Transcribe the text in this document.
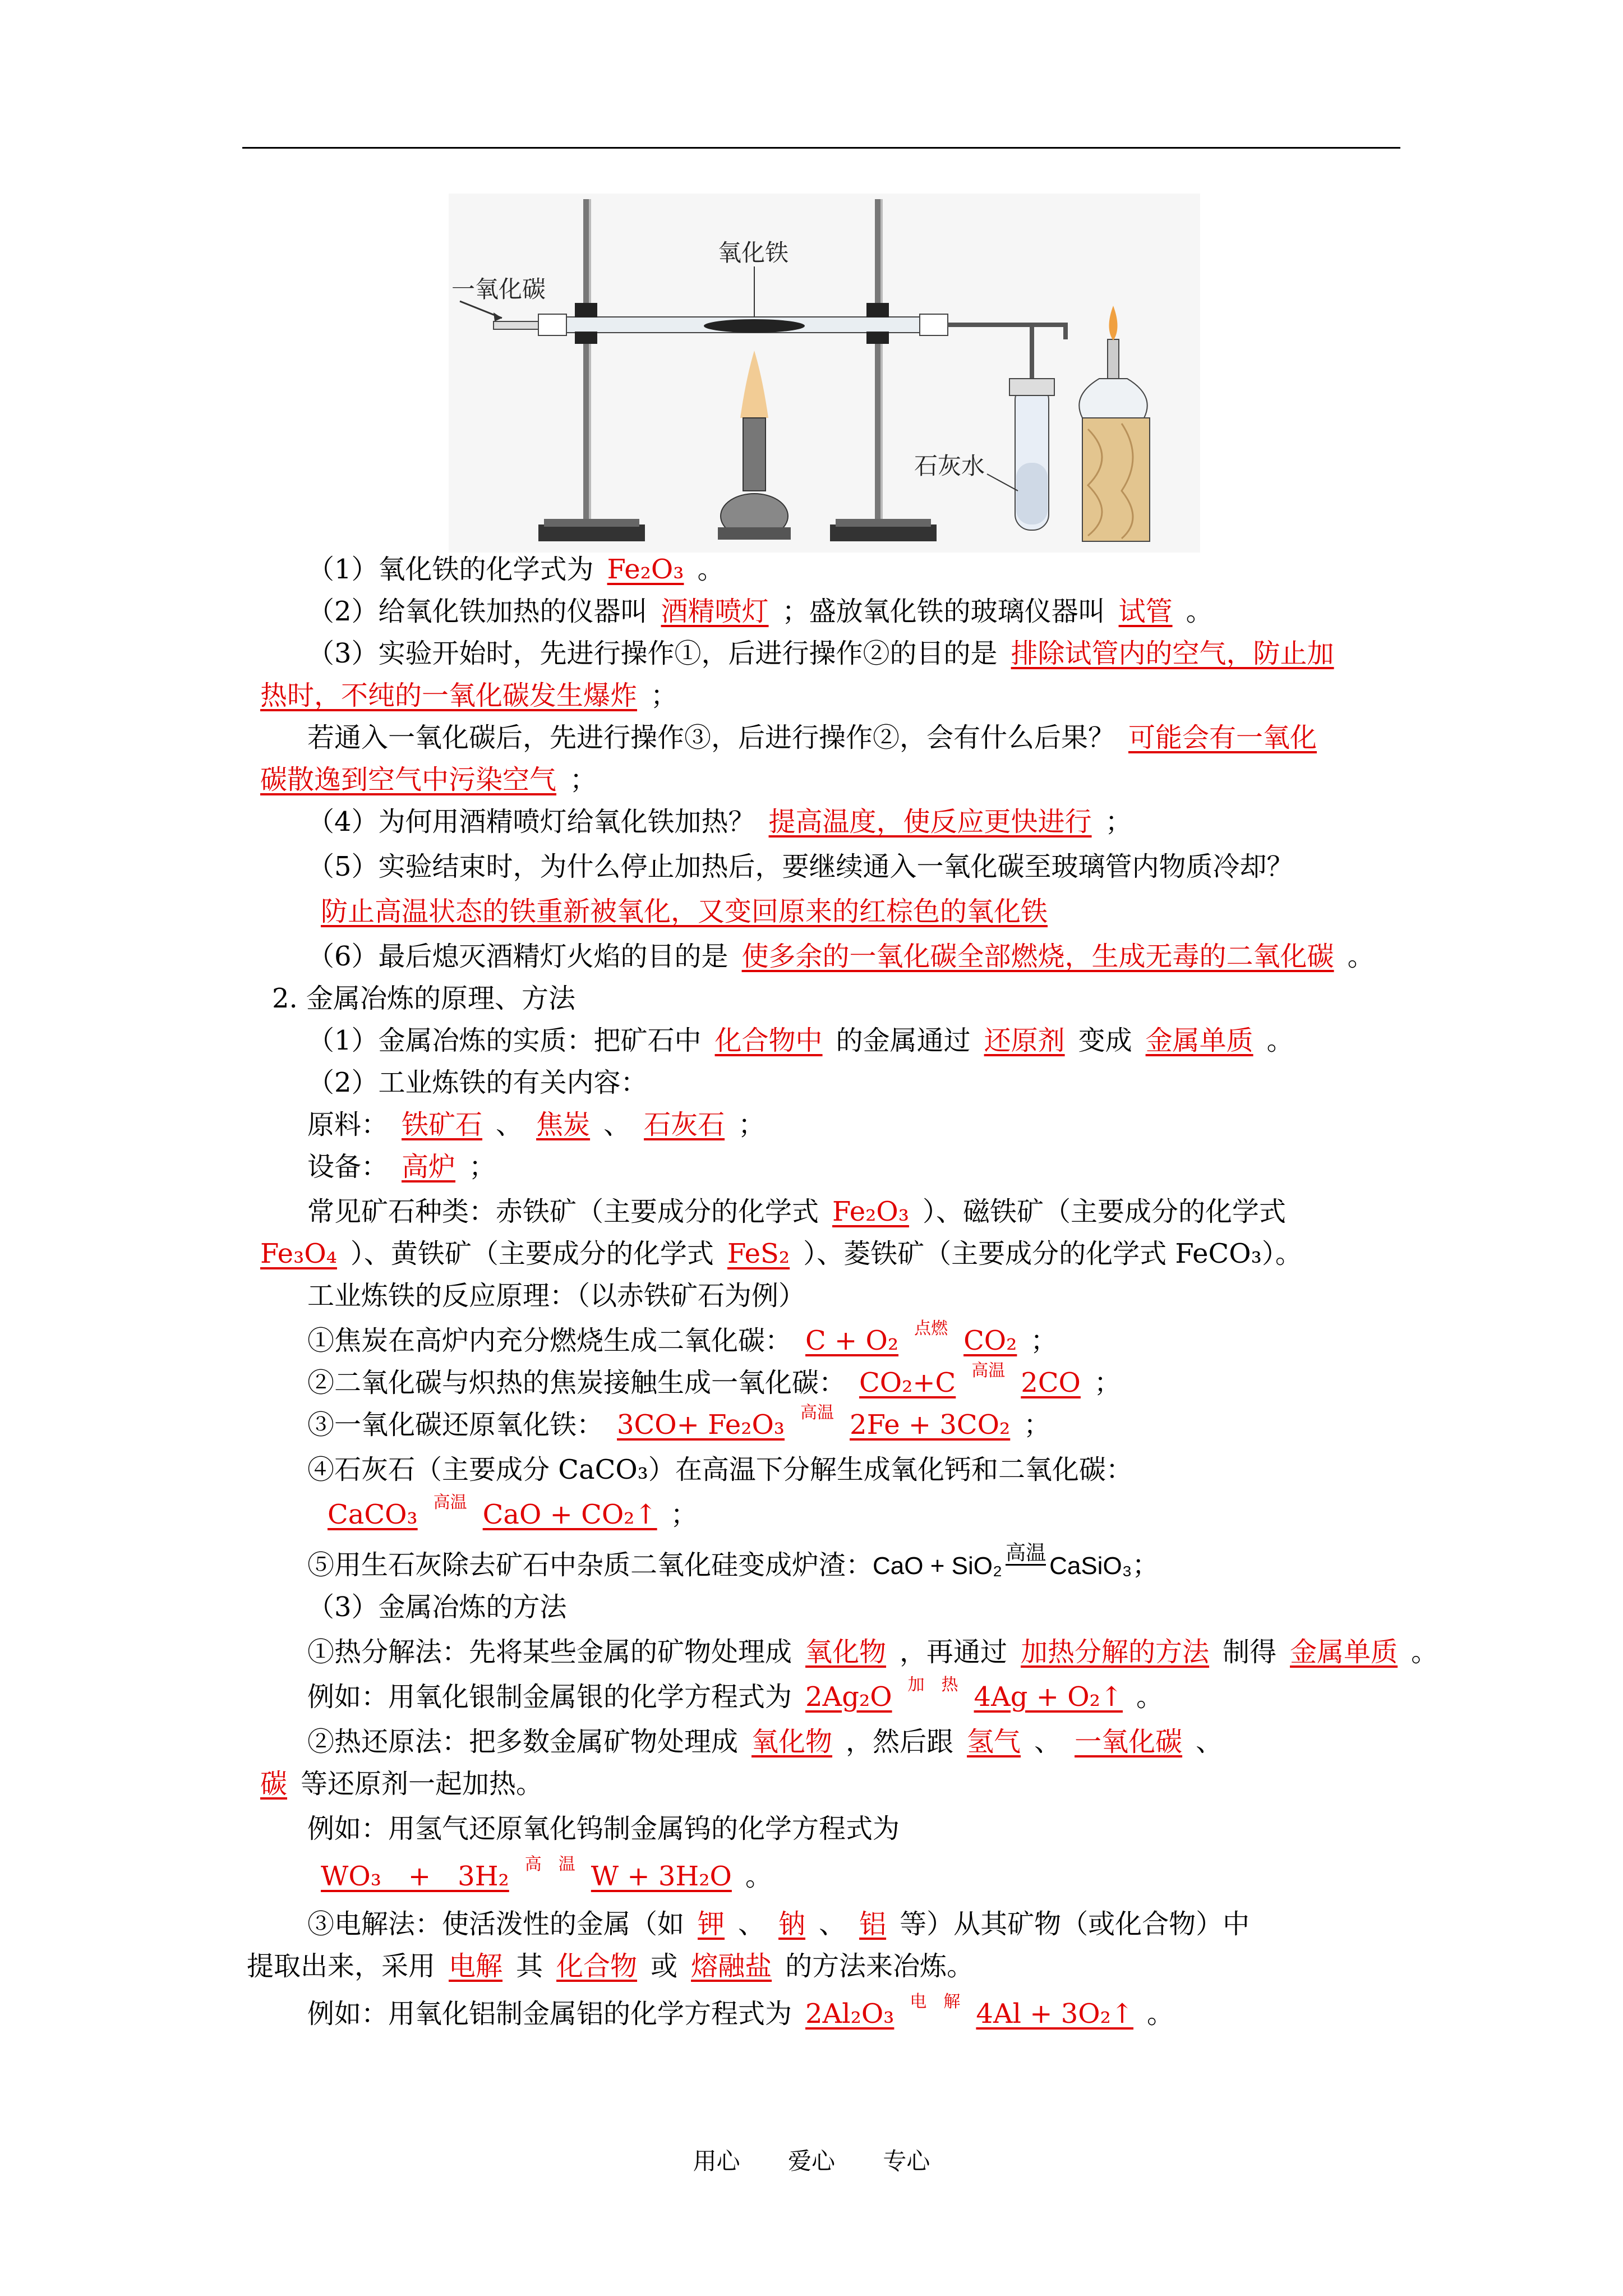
一氧化碳
氧化铁
石灰水
（1）氧化铁的化学式为 Fe₂O₃ 。
（2）给氧化铁加热的仪器叫 酒精喷灯 ；盛放氧化铁的玻璃仪器叫 试管 。
（3）实验开始时，先进行操作①，后进行操作②的目的是 排除试管内的空气，防止加
热时，不纯的一氧化碳发生爆炸 ；
若通入一氧化碳后，先进行操作③，后进行操作②，会有什么后果？ 可能会有一氧化
碳散逸到空气中污染空气 ；
（4）为何用酒精喷灯给氧化铁加热？ 提高温度，使反应更快进行 ；
（5）实验结束时，为什么停止加热后，要继续通入一氧化碳至玻璃管内物质冷却？
防止高温状态的铁重新被氧化，又变回原来的红棕色的氧化铁
（6）最后熄灭酒精灯火焰的目的是 使多余的一氧化碳全部燃烧，生成无毒的二氧化碳 。
2. 金属冶炼的原理、方法
（1）金属冶炼的实质：把矿石中 化合物中 的金属通过 还原剂 变成 金属单质 。
（2）工业炼铁的有关内容：
原料： 铁矿石 、 焦炭 、 石灰石 ；
设备： 高炉 ；
常见矿石种类：赤铁矿（主要成分的化学式 Fe₂O₃ ）、磁铁矿（主要成分的化学式
Fe₃O₄ ）、黄铁矿（主要成分的化学式 FeS₂ ）、菱铁矿（主要成分的化学式 FeCO₃）。
工业炼铁的反应原理：（以赤铁矿石为例）
①焦炭在高炉内充分燃烧生成二氧化碳： C + O₂ 点燃 CO₂ ；
②二氧化碳与炽热的焦炭接触生成一氧化碳： CO₂+C 高温 2CO ；
③一氧化碳还原氧化铁： 3CO+ Fe₂O₃ 高温 2Fe + 3CO₂ ；
④石灰石（主要成分 CaCO₃）在高温下分解生成氧化钙和二氧化碳：
CaCO₃ 高温 CaO + CO₂↑ ；
⑤用生石灰除去矿石中杂质二氧化硅变成炉渣：CaO + SiO₂ 高温 CaSiO₃；
（3）金属冶炼的方法
①热分解法：先将某些金属的矿物处理成 氧化物 ，再通过 加热分解的方法 制得 金属单质 。
例如：用氧化银制金属银的化学方程式为 2Ag₂O 加　热 4Ag + O₂↑ 。
②热还原法：把多数金属矿物处理成 氧化物 ，然后跟 氢气 、 一氧化碳 、
碳 等还原剂一起加热。
例如：用氢气还原氧化钨制金属钨的化学方程式为
WO₃　+　3H₂ 高　温 W + 3H₂O 。
③电解法：使活泼性的金属（如 钾 、 钠 、 铝 等）从其矿物（或化合物）中
提取出来，采用 电解 其 化合物 或 熔融盐 的方法来冶炼。
例如：用氧化铝制金属铝的化学方程式为 2Al₂O₃ 电　解 4Al + 3O₂↑ 。
用心 爱心 专心
